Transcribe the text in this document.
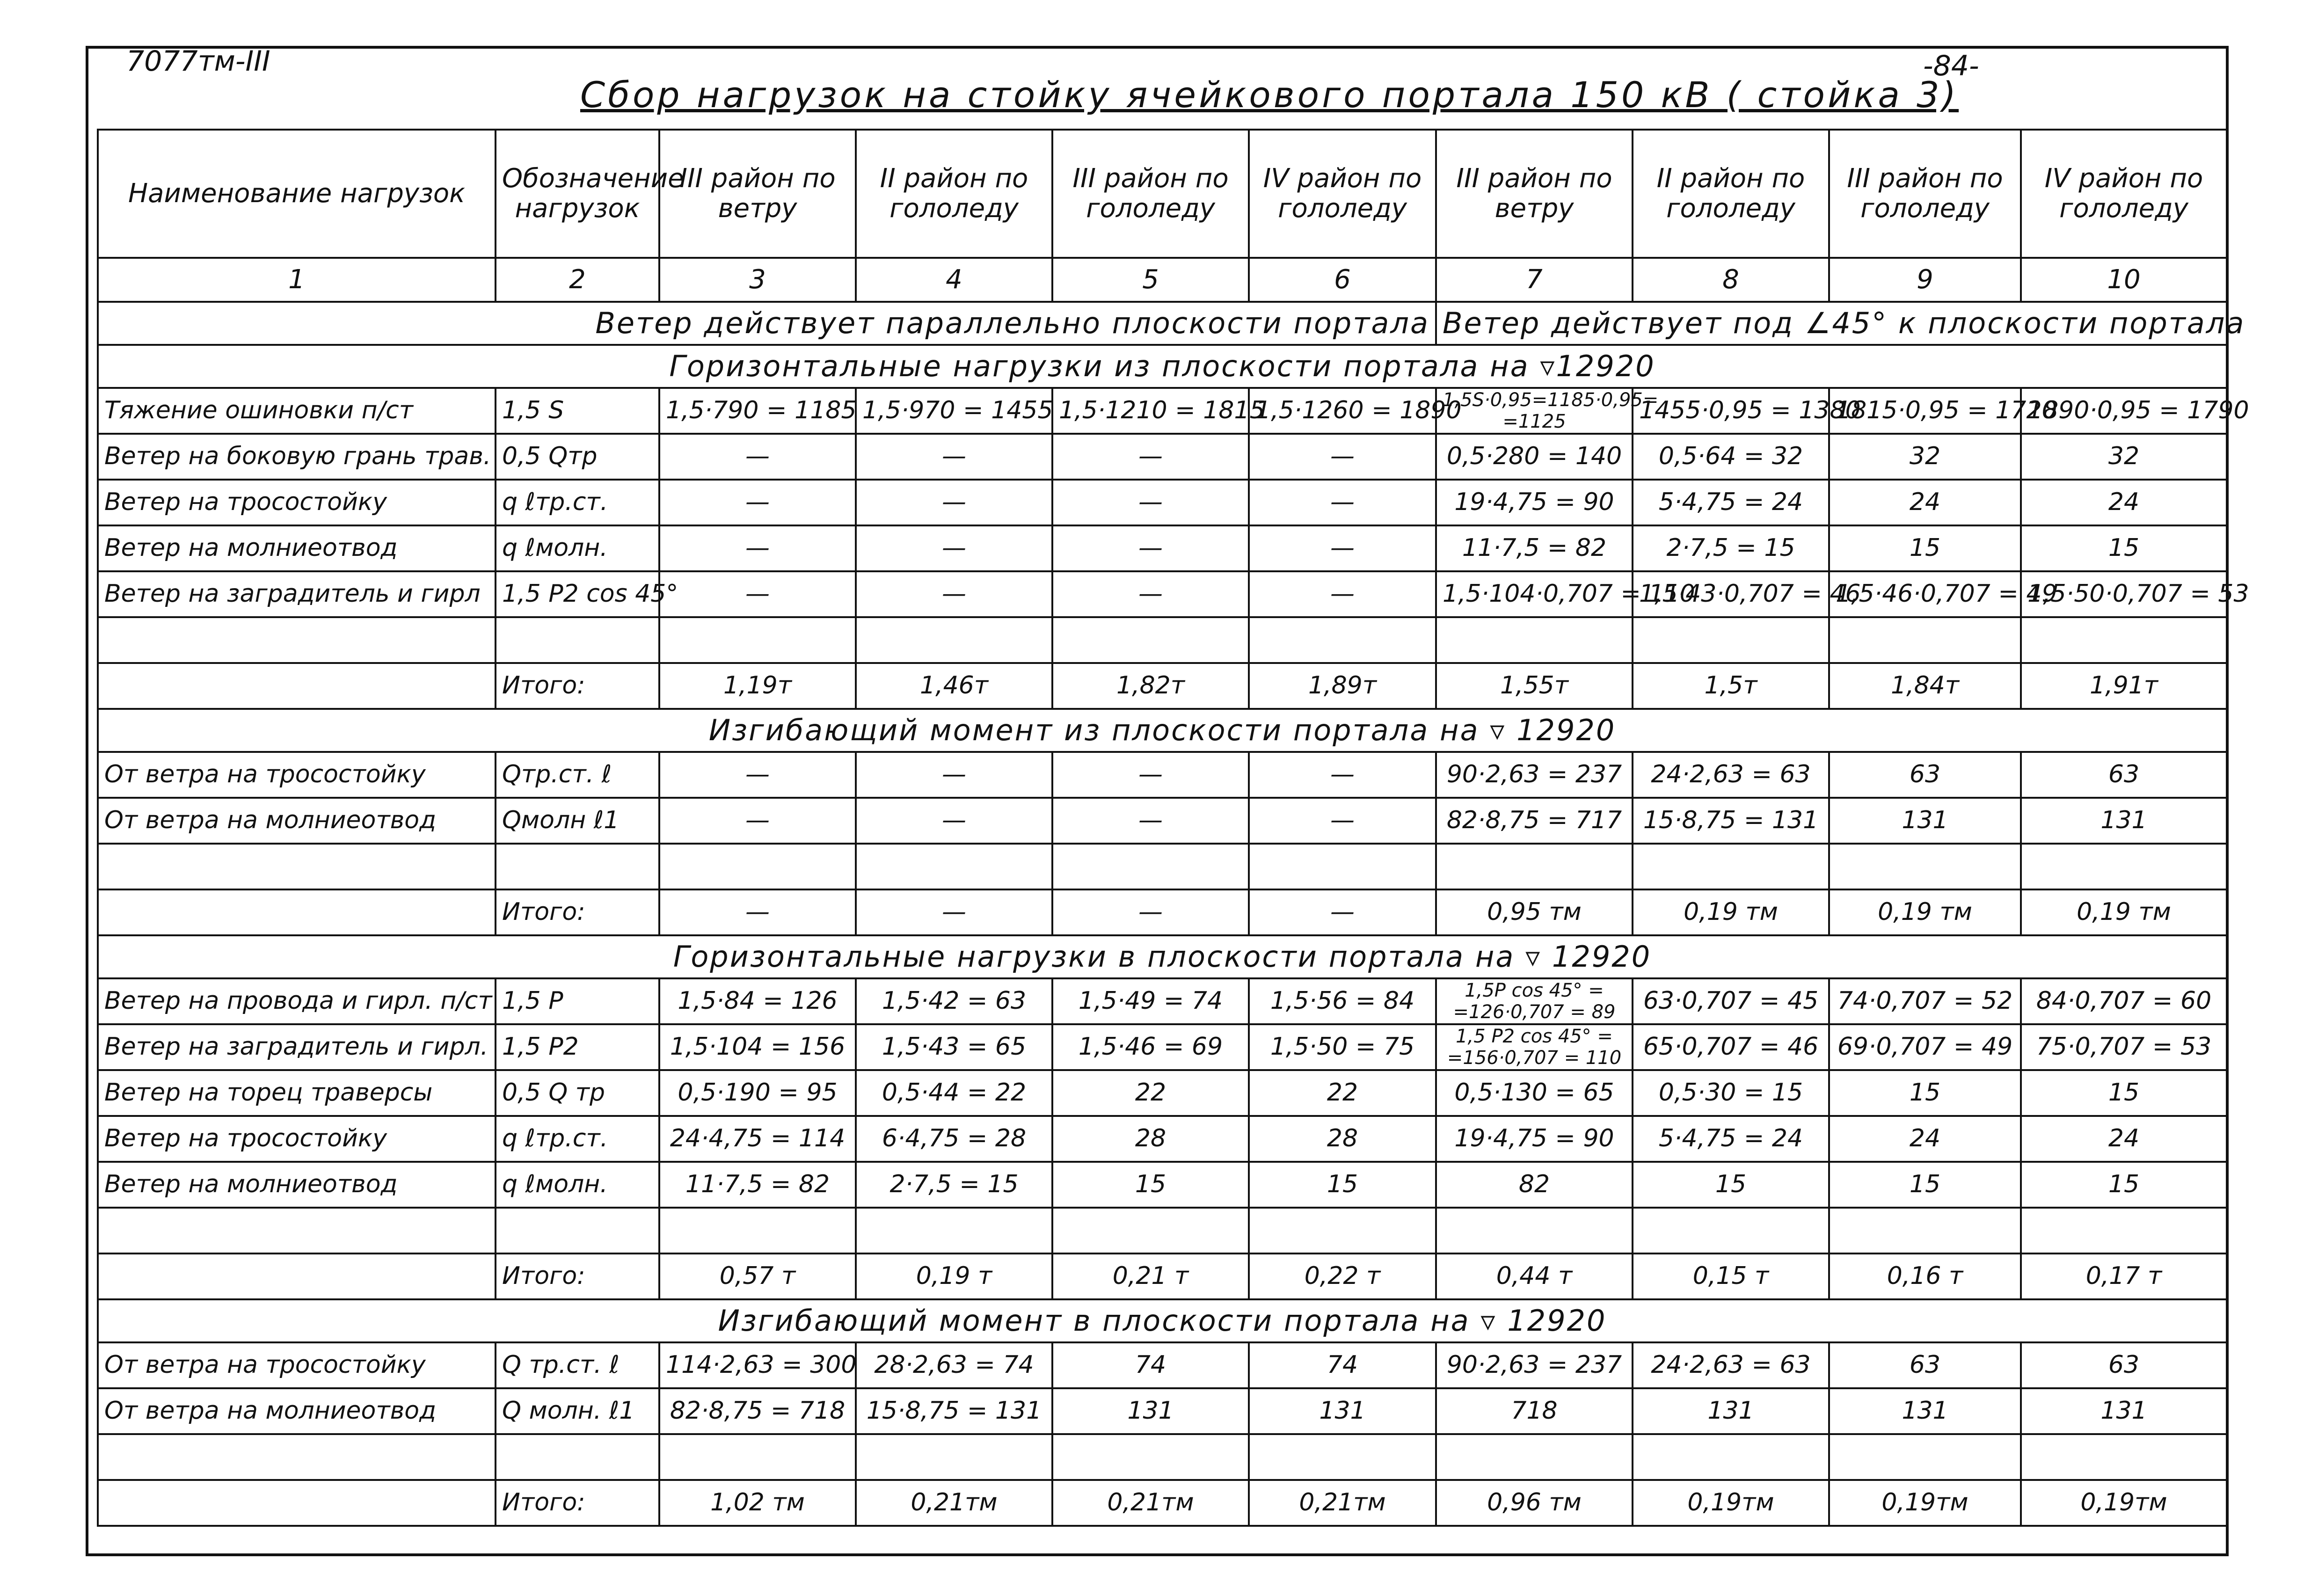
7077тм-III	-84-
Сбор нагрузок на стойку ячейкового портала 150 кВ ( стойка 3)
Наименование нагрузок	Обозначение нагрузок	III район по ветру	II район по гололеду	III район по гололеду	IV район по гололеду	III район по ветру	II район по гололеду	III район по гололеду	IV район по гололеду
1	2	3	4	5	6	7	8	9	10
Ветер действует параллельно плоскости портала						Ветер действует под ∠45° к плоскости портала			
Горизонтальные нагрузки из плоскости портала на ▿12920									
Тяжение ошиновки п/ст	1,5 S	1,5·790 = 1185	1,5·970 = 1455	1,5·1210 = 1815	1,5·1260 = 1890	1,5S·0,95=1185·0,95= =1125	1455·0,95 = 1380	1815·0,95 = 1720	1890·0,95 = 1790
Ветер на боковую грань трав.	0,5 Qтр	—	—	—	—	0,5·280 = 140	0,5·64 = 32	32	32
Ветер на тросостойку	q ℓтр.ст.	—	—	—	—	19·4,75 = 90	5·4,75 = 24	24	24
Ветер на молниеотвод	q ℓмолн.	—	—	—	—	11·7,5 = 82	2·7,5 = 15	15	15
Ветер на заградитель и гирл	1,5 P2 cos 45°	—	—	—	—	1,5·104·0,707 = 110	1,5·43·0,707 = 46	1,5·46·0,707 = 49	1,5·50·0,707 = 53

	Итого:	1,19т	1,46т	1,82т	1,89т	1,55т	1,5т	1,84т	1,91т
Изгибающий момент из плоскости портала на ▿ 12920									
От ветра на тросостойку	Qтр.ст. ℓ	—	—	—	—	90·2,63 = 237	24·2,63 = 63	63	63
От ветра на молниеотвод	Qмолн ℓ1	—	—	—	—	82·8,75 = 717	15·8,75 = 131	131	131

	Итого:	—	—	—	—	0,95 тм	0,19 тм	0,19 тм	0,19 тм
Горизонтальные нагрузки в плоскости портала на ▿ 12920									
Ветер на провода и гирл. п/ст	1,5 P	1,5·84 = 126	1,5·42 = 63	1,5·49 = 74	1,5·56 = 84	1,5P cos 45° = =126·0,707 = 89	63·0,707 = 45	74·0,707 = 52	84·0,707 = 60
Ветер на заградитель и гирл.	1,5 P2	1,5·104 = 156	1,5·43 = 65	1,5·46 = 69	1,5·50 = 75	1,5 P2 cos 45° = =156·0,707 = 110	65·0,707 = 46	69·0,707 = 49	75·0,707 = 53
Ветер на торец траверсы	0,5 Q тр	0,5·190 = 95	0,5·44 = 22	22	22	0,5·130 = 65	0,5·30 = 15	15	15
Ветер на тросостойку	q ℓтр.ст.	24·4,75 = 114	6·4,75 = 28	28	28	19·4,75 = 90	5·4,75 = 24	24	24
Ветер на молниеотвод	q ℓмолн.	11·7,5 = 82	2·7,5 = 15	15	15	82	15	15	15

	Итого:	0,57 т	0,19 т	0,21 т	0,22 т	0,44 т	0,15 т	0,16 т	0,17 т
Изгибающий момент в плоскости портала на ▿ 12920									
От ветра на тросостойку	Q тр.ст. ℓ	114·2,63 = 300	28·2,63 = 74	74	74	90·2,63 = 237	24·2,63 = 63	63	63
От ветра на молниеотвод	Q молн. ℓ1	82·8,75 = 718	15·8,75 = 131	131	131	718	131	131	131

	Итого:	1,02 тм	0,21тм	0,21тм	0,21тм	0,96 тм	0,19тм	0,19тм	0,19тм
